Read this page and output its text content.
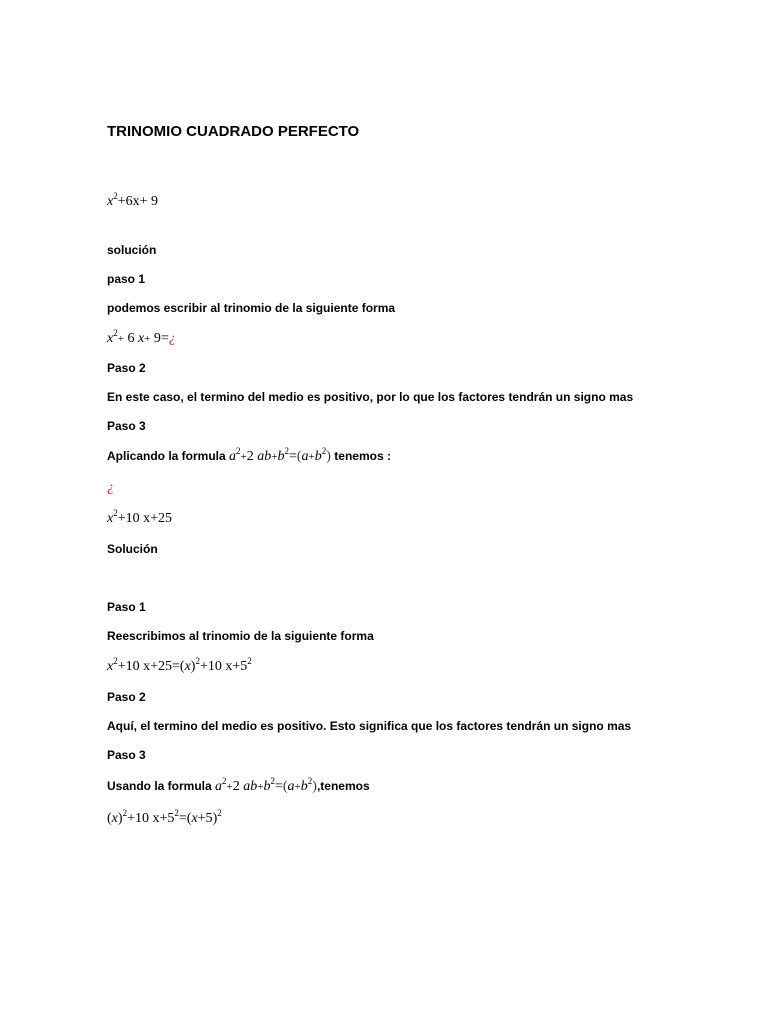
TRINOMIO CUADRADO PERFECTO
$x^2+6x+ 9$
solución
paso 1
podemos escribir al trinomio de la siguiente forma
$x^2+ 6$ x+ 9=¿
Paso 2
En este caso, el termino del medio es positivo, por lo que los factores tendrán un signo mas
Paso 3
Aplicando la formula $a^2+2$ $ab+b^2=(a+b^2)$ tenemos :
¿
$x^2+10$ x+25
Solución
Paso 1
Reescribimos al trinomio de la siguiente forma
$x^2+10$ $x+25=(x)^2+10$ $x+5^2$
Paso 2
Aquí, el termino del medio es positivo. Esto significa que los factores tendrán un signo mas
Paso 3
Usando la formula $a^2+2$ $ab+b^2=(a+b^2),tenemos$
$(x)^2+10$ $x+5^2=(x+5)^2$
